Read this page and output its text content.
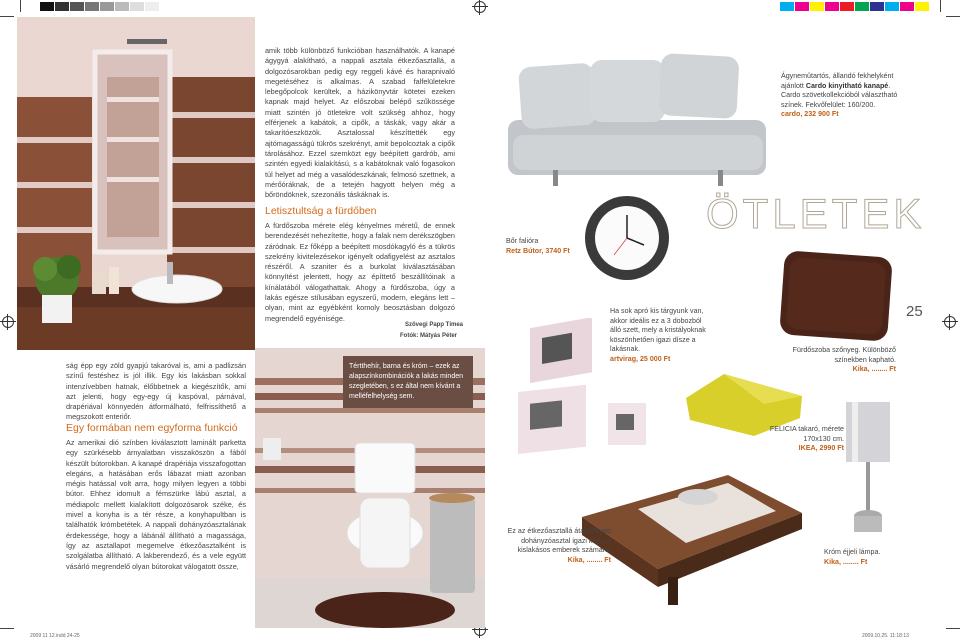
ság épp egy zöld gyapjú takaróval is, ami a padlizsán színű festéshez is jól illik. Egy kis lakásban sokkal intenzívebben hatnak, élőbbetnek a kiegészítők, ami azt jelenti, hogy egy-egy új kaspóval, párnával, drapériával könnyedén átformálható, felfrissíthető a megszokott enteriőr.

Egy formában nem egyforma funkció

Az amerikai dió színben kiválasztott laminált parketta egy szürkésebb árnyalatban visszaköszön a fából készült bútorokban. A kanapé drapériája visszafogottan elegáns, a hatásában erős lábazat miatt azonban mégis hatással volt arra, hogy milyen legyen a többi bútor. Ehhez idomult a fémszürke lábú asztal, a médiapolc mellett kialakított dolgozósarok széke, és mivel a konyha is a tér része, a konyhapultban is találhatók krómbetétek. A nappali dohányzóasztalának érdekessége, hogy a lábánál állítható a magassága, így az asztallapot megemelve étkezőasztalként is szolgálatba állítható. A lakberendező, és a vele együtt vásárló megrendelő olyan bútorokat válogatott össze,

amik több különböző funkcióban használhatók. A kanapé ágygyá alakítható, a nappali asztala étkezőasztallá, a dolgozósarokban pedig egy reggeli kávé és harapnivaló megetéséhez is alkalmas. A szabad falfelületekre lebegőpolcok kerültek, a házikönyvtár kötetei ezeken kapnak majd helyet. Az előszobai belépő szűkössége miatt szintén jó ötletekre volt szükség ahhoz, hogy elférjenek a kabátok, a cipők, a táskák, vagy akár a takarítóeszközök. Asztalossal készíttették egy ajtómagasságú tükrös szekrényt, amit bepolcoztak a cipők tárolásához. Ezzel szemközt egy beépített gardrób, ami szintén egyedi kialakítású, s a kabátoknak való fogasokon túl helyet ad még a vasalódeszkának, felmosó szettnek, a mérőóráknak, de a tetején hagyott helyen még a bőröndöknek, szezonális táskáknak is.

Letisztultság a fürdőben

A fürdőszoba mérete elég kényelmes méretű, de ennek berendezését nehezítette, hogy a falak nem derékszögben záródnak. Ez főképp a beépített mosdókagyló és a tükrös szekrény kivitelezésekor igényelt odafigyelést az asztalos részéről. A szaniter és a burkolat kiválasztásában könnyítést jelentett, hogy az építtető beszállítóinak a kínálatából válogathattak. Ahogy a fürdőszoba, úgy a lakás egésze stílusában egyszerű, modern, elegáns lett – olyan, mint az egyébként komoly beosztásban dolgozó megrendelő egyénisége.

Szövegi Papp Tímea
Fotók: Mátyás Péter
Tértthehír, barna és króm – ezek az alapszínkombinációk a lakás minden szegletében, s ez által nem kívánt a melléfelhelység sem.
Ágynemûtartós, állandó fekhelyként ajánlott Cardo kinyitható kanapé. Cardo szövetkollekcióból választható színek. Fekvőfelület: 160/200.
cardo, 232 900 Ft
ÖTLETEK
25
Bőr falióra
Retz Bútor, 3740 Ft
Fürdőszoba szőnyeg. Különböző színekben kapható.
Kika, ........ Ft
Ha sok apró kis tárgyunk van, akkor ideális ez a 3 dobozból álló szett, mely a kristályoknak köszönhetően igazi dísze a lakásnak.
artvirag, 25 000 Ft
FELICIA takaró, mérete 170x130 cm.
IKEA, 2990 Ft
Ez az étkezőasztallá átalakítható dohányzóasztal igazi kincs a kislakásos emberek számára.
Kika, ........ Ft
Króm éjjeli lámpa.
Kika, ........ Ft
2009 11 12.indd 24-25	2009.10.25. 11:18:13
